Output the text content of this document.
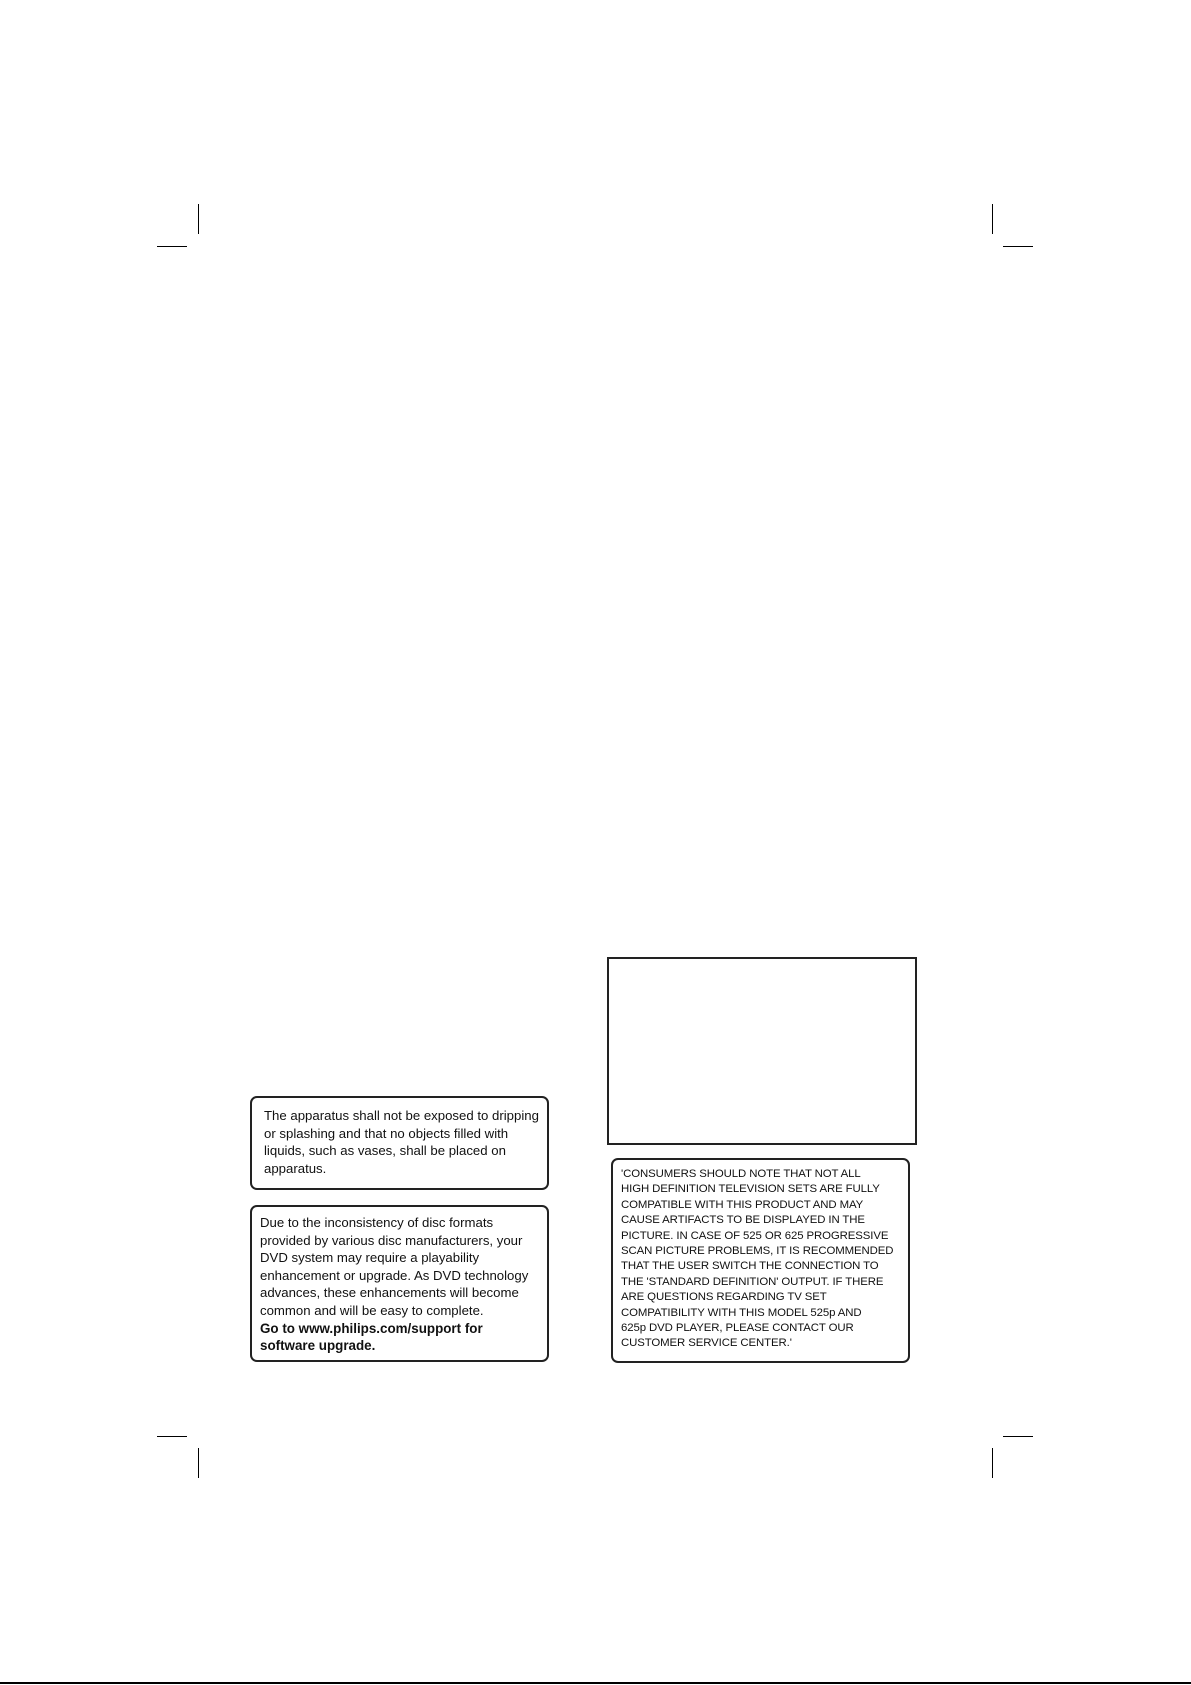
The apparatus shall not be exposed to dripping
or splashing and that no objects filled with
liquids, such as vases, shall be placed on
apparatus.

Due to the inconsistency of disc formats
provided by various disc manufacturers, your
DVD system may require a playability
enhancement or upgrade. As DVD technology
advances, these enhancements will become
common and will be easy to complete.

Go to www.philips.com/support for
software upgrade.

'CONSUMERS SHOULD NOTE THAT NOT ALL
HIGH DEFINITION TELEVISION SETS ARE FULLY
COMPATIBLE WITH THIS PRODUCT AND MAY
CAUSE ARTIFACTS TO BE DISPLAYED IN THE
PICTURE. IN CASE OF 525 OR 625 PROGRESSIVE
SCAN PICTURE PROBLEMS, IT IS RECOMMENDED
THAT THE USER SWITCH THE CONNECTION TO
THE 'STANDARD DEFINITION' OUTPUT. IF THERE
ARE QUESTIONS REGARDING TV SET
COMPATIBILITY WITH THIS MODEL 525p AND
625p DVD PLAYER, PLEASE CONTACT OUR
CUSTOMER SERVICE CENTER.'
